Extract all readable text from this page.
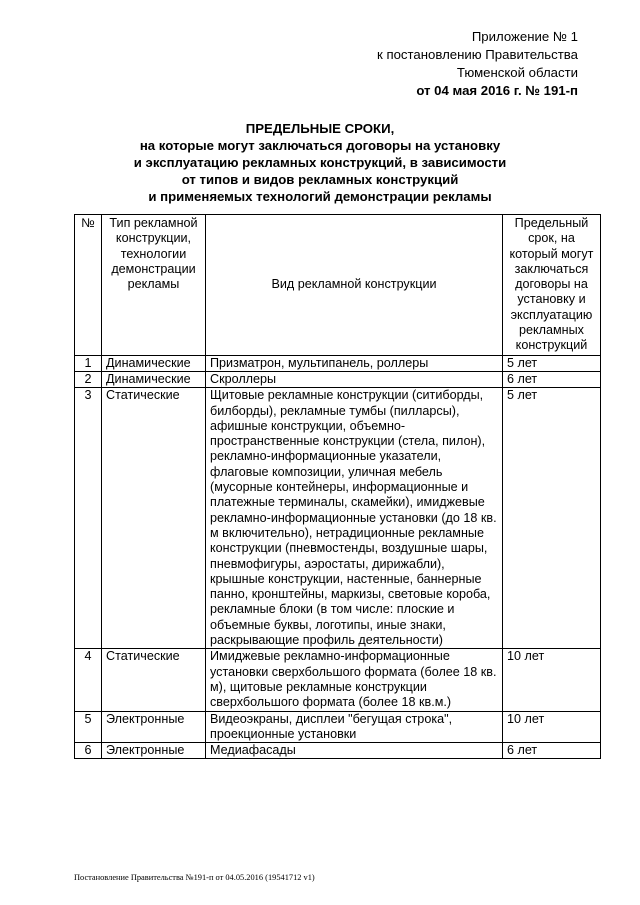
Приложение № 1
к постановлению Правительства
Тюменской области
от 04 мая 2016 г. № 191-п
ПРЕДЕЛЬНЫЕ СРОКИ,
на которые могут заключаться договоры на установку
и эксплуатацию рекламных конструкций, в зависимости
от типов и видов рекламных конструкций
и применяемых технологий демонстрации рекламы
№	Тип рекламной конструкции, технологии демонстрации рекламы	Вид рекламной конструкции	Предельный срок, на который могут заключаться договоры на установку и эксплуатацию рекламных конструкций
1	Динамические	Призматрон, мультипанель, роллеры	5 лет
2	Динамические	Скроллеры	6 лет
3	Статические	Щитовые рекламные конструкции (ситиборды, билборды), рекламные тумбы (пилларсы), афишные конструкции, объемно-пространственные конструкции (стела, пилон), рекламно-информационные указатели, флаговые композиции, уличная мебель (мусорные контейнеры, информационные и платежные терминалы, скамейки), имиджевые рекламно-информационные установки (до 18 кв. м включительно), нетрадиционные рекламные конструкции (пневмостенды, воздушные шары, пневмофигуры, аэростаты, дирижабли), крышные конструкции, настенные, баннерные панно, кронштейны, маркизы, световые короба, рекламные блоки (в том числе: плоские и объемные буквы, логотипы, иные знаки, раскрывающие профиль деятельности)	5 лет
4	Статические	Имиджевые рекламно-информационные установки сверхбольшого формата (более 18 кв. м), щитовые рекламные конструкции сверхбольшого формата (более 18 кв.м.)	10 лет
5	Электронные	Видеоэкраны, дисплеи "бегущая строка", проекционные установки	10 лет
6	Электронные	Медиафасады	6 лет
Постановление Правительства №191-п от 04.05.2016 (19541712 v1)
